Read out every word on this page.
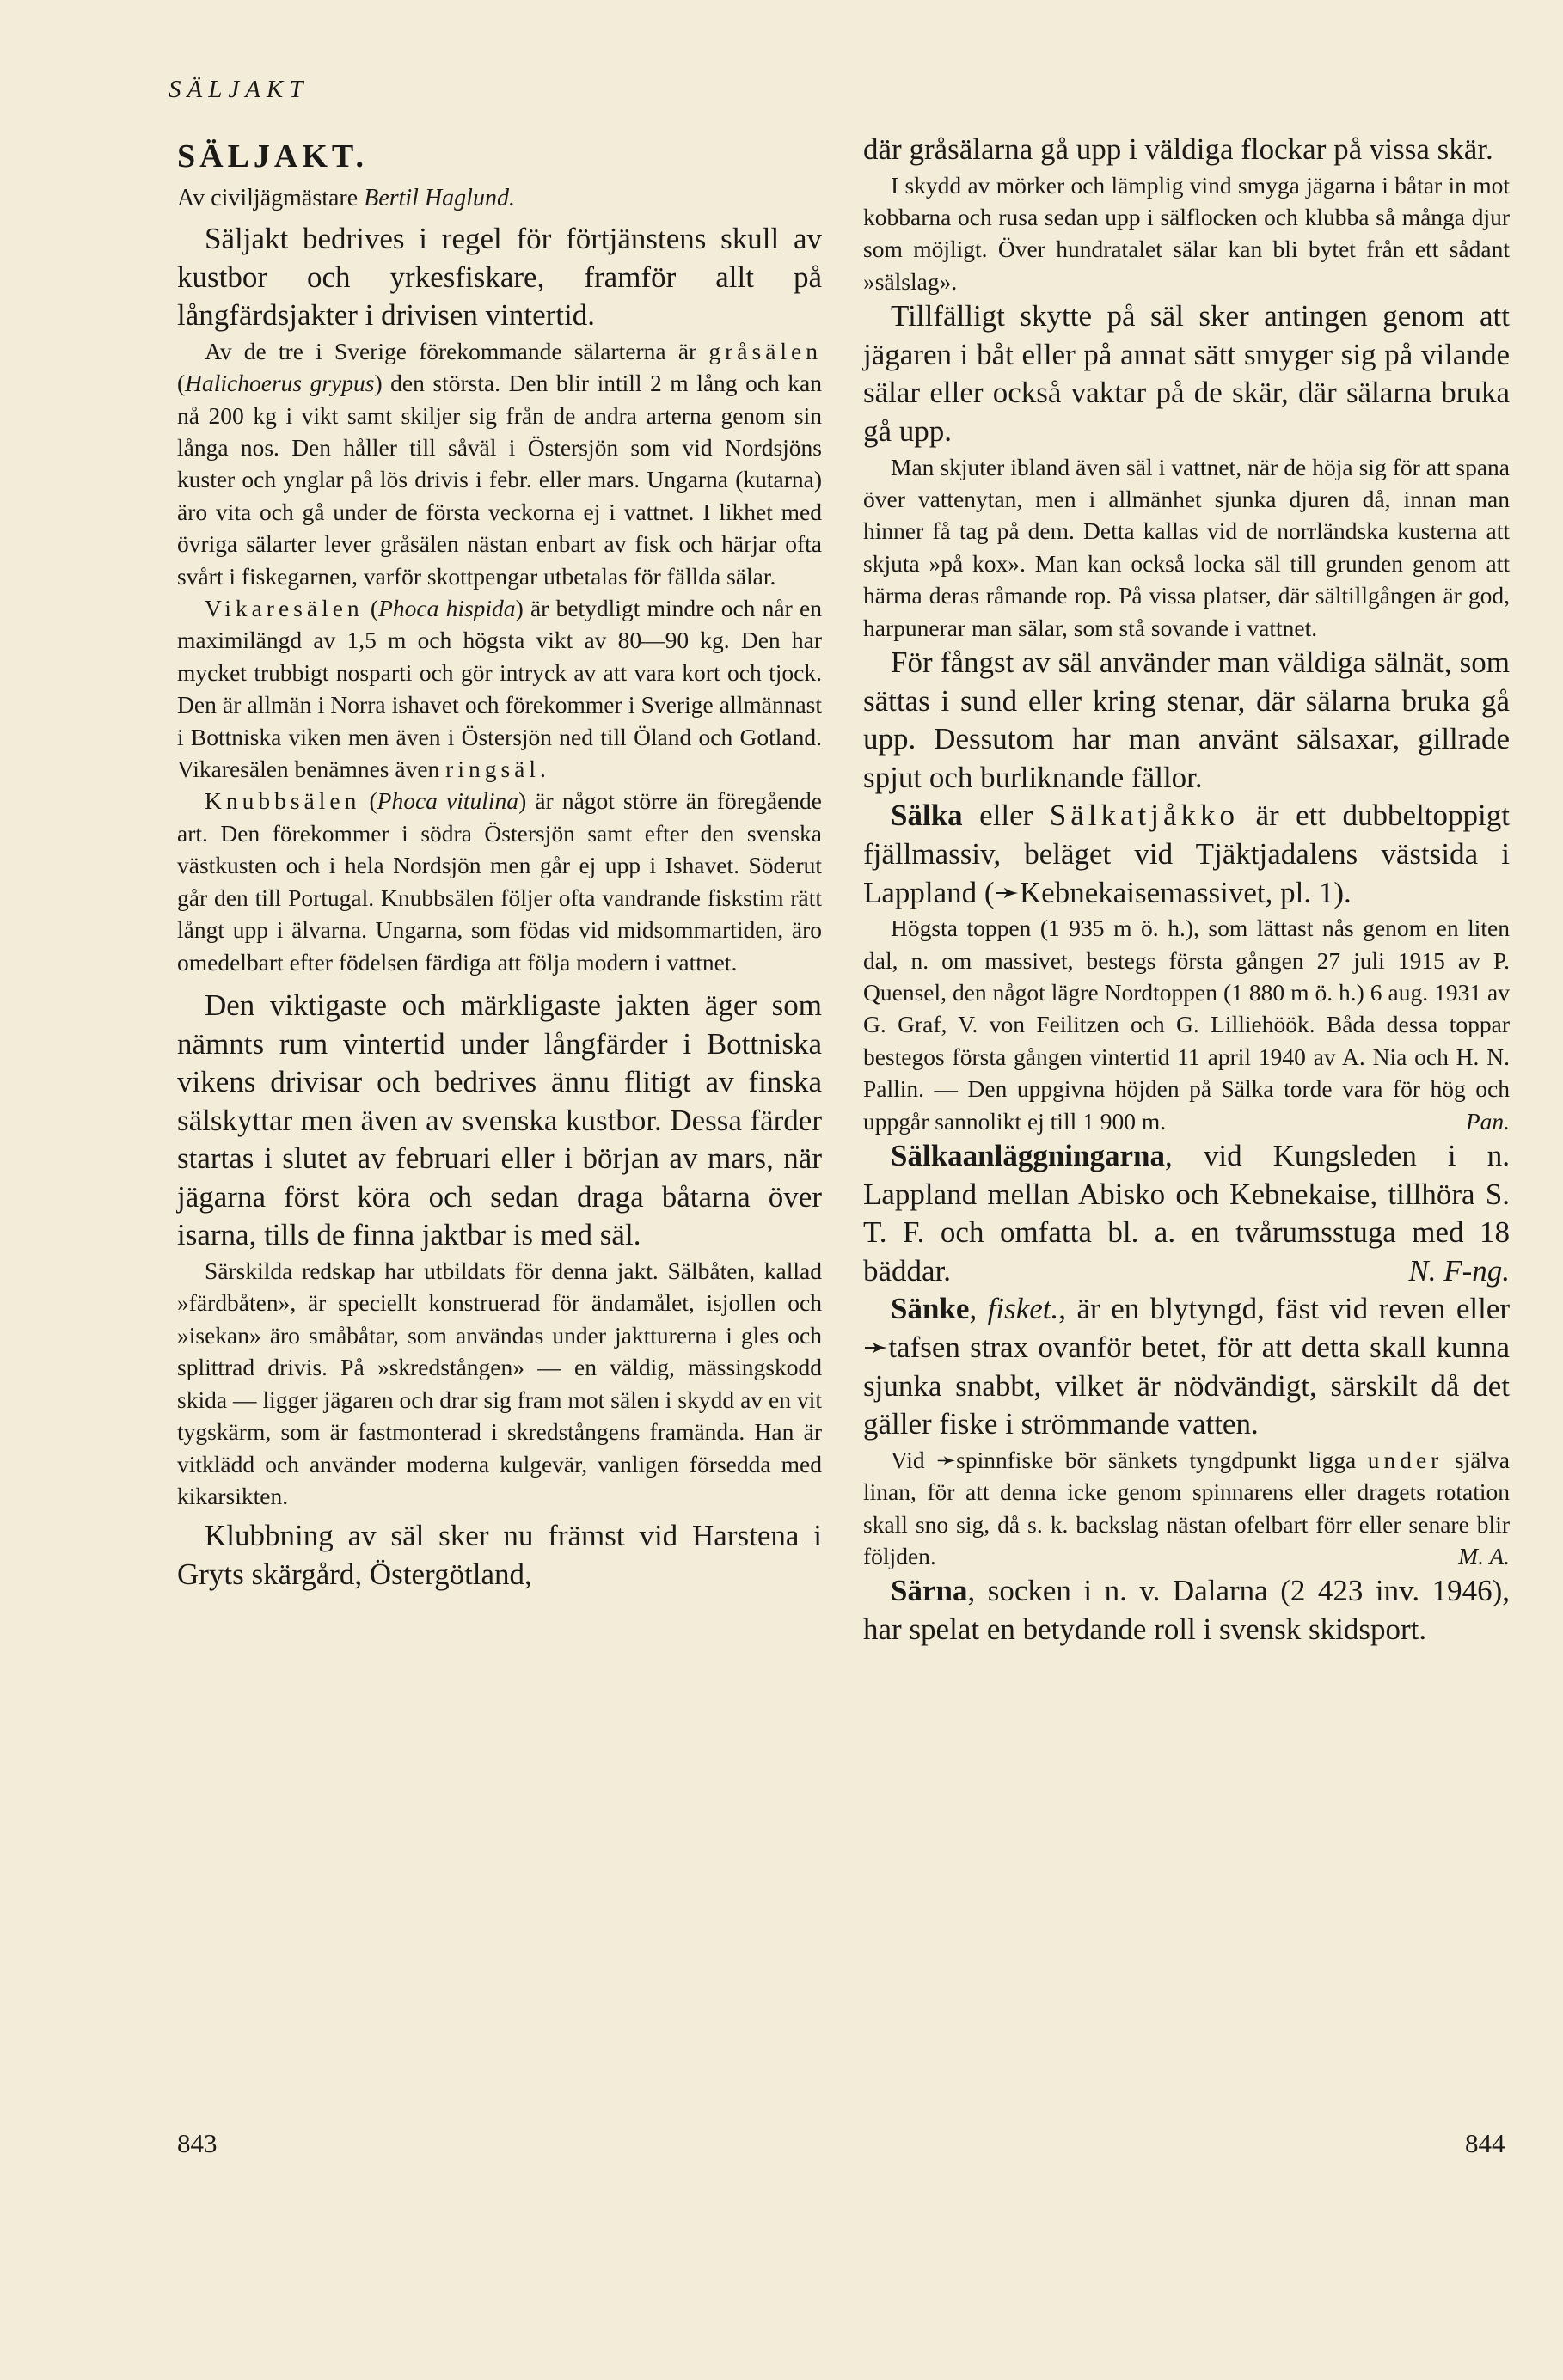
SÄLJAKT

SÄLJAKT.

Av civiljägmästare Bertil Haglund.

Säljakt bedrives i regel för förtjänstens skull av kustbor och yrkesfiskare, framför allt på långfärdsjakter i drivisen vintertid.

Av de tre i Sverige förekommande sälarterna är gråsälen (Halichoerus grypus) den största. Den blir intill 2 m lång och kan nå 200 kg i vikt samt skiljer sig från de andra arterna genom sin långa nos. Den håller till såväl i Östersjön som vid Nordsjöns kuster och ynglar på lös drivis i febr. eller mars. Ungarna (kutarna) äro vita och gå under de första veckorna ej i vattnet. I likhet med övriga sälarter lever gråsälen nästan enbart av fisk och härjar ofta svårt i fiskegarnen, varför skottpengar utbetalas för fällda sälar.

Vikaresälen (Phoca hispida) är betydligt mindre och når en maximilängd av 1,5 m och högsta vikt av 80—90 kg. Den har mycket trubbigt nosparti och gör intryck av att vara kort och tjock. Den är allmän i Norra ishavet och förekommer i Sverige allmännast i Bottniska viken men även i Östersjön ned till Öland och Gotland. Vikaresälen benämnes även ringsäl.

Knubbsälen (Phoca vitulina) är något större än föregående art. Den förekommer i södra Östersjön samt efter den svenska västkusten och i hela Nordsjön men går ej upp i Ishavet. Söderut går den till Portugal. Knubbsälen följer ofta vandrande fiskstim rätt långt upp i älvarna. Ungarna, som födas vid midsommartiden, äro omedelbart efter födelsen färdiga att följa modern i vattnet.

Den viktigaste och märkligaste jakten äger som nämnts rum vintertid under långfärder i Bottniska vikens drivisar och bedrives ännu flitigt av finska sälskyttar men även av svenska kustbor. Dessa färder startas i slutet av februari eller i början av mars, när jägarna först köra och sedan draga båtarna över isarna, tills de finna jaktbar is med säl.

Särskilda redskap har utbildats för denna jakt. Sälbåten, kallad »färdbåten», är speciellt konstruerad för ändamålet, isjollen och »isekan» äro småbåtar, som användas under jaktturerna i gles och splittrad drivis. På »skredstången» — en väldig, mässingskodd skida — ligger jägaren och drar sig fram mot sälen i skydd av en vit tygskärm, som är fastmonterad i skredstångens framända. Han är vitklädd och använder moderna kulgevär, vanligen försedda med kikarsikten.

Klubbning av säl sker nu främst vid Harstena i Gryts skärgård, Östergötland,

där gråsälarna gå upp i väldiga flockar på vissa skär.

I skydd av mörker och lämplig vind smyga jägarna i båtar in mot kobbarna och rusa sedan upp i sälflocken och klubba så många djur som möjligt. Över hundratalet sälar kan bli bytet från ett sådant »sälslag».

Tillfälligt skytte på säl sker antingen genom att jägaren i båt eller på annat sätt smyger sig på vilande sälar eller också vaktar på de skär, där sälarna bruka gå upp.

Man skjuter ibland även säl i vattnet, när de höja sig för att spana över vattenytan, men i allmänhet sjunka djuren då, innan man hinner få tag på dem. Detta kallas vid de norrländska kusterna att skjuta »på kox». Man kan också locka säl till grunden genom att härma deras råmande rop. På vissa platser, där sältillgången är god, harpunerar man sälar, som stå sovande i vattnet.

För fångst av säl använder man väldiga sälnät, som sättas i sund eller kring stenar, där sälarna bruka gå upp. Dessutom har man använt sälsaxar, gillrade spjut och burliknande fällor.

Sälka eller Sälkatjåkko är ett dubbeltoppigt fjällmassiv, beläget vid Tjäktjadalens västsida i Lappland (➛Kebnekaisemassivet, pl. 1).

Högsta toppen (1 935 m ö. h.), som lättast nås genom en liten dal, n. om massivet, bestegs första gången 27 juli 1915 av P. Quensel, den något lägre Nordtoppen (1 880 m ö. h.) 6 aug. 1931 av G. Graf, V. von Feilitzen och G. Lilliehöök. Båda dessa toppar bestegos första gången vintertid 11 april 1940 av A. Nia och H. N. Pallin. — Den uppgivna höjden på Sälka torde vara för hög och uppgår sannolikt ej till 1 900 m.	Pan.

Sälkaanläggningarna, vid Kungsleden i n. Lappland mellan Abisko och Kebnekaise, tillhöra S. T. F. och omfatta bl. a. en tvårumsstuga med 18 bäddar.	N. F-ng.

Sänke, fisket., är en blytyngd, fäst vid reven eller ➛tafsen strax ovanför betet, för att detta skall kunna sjunka snabbt, vilket är nödvändigt, särskilt då det gäller fiske i strömmande vatten.

Vid ➛spinnfiske bör sänkets tyngdpunkt ligga under själva linan, för att denna icke genom spinnarens eller dragets rotation skall sno sig, då s. k. backslag nästan ofelbart förr eller senare blir följden.	M. A.

Särna, socken i n. v. Dalarna (2 423 inv. 1946), har spelat en betydande roll i svensk skidsport.

843	844
